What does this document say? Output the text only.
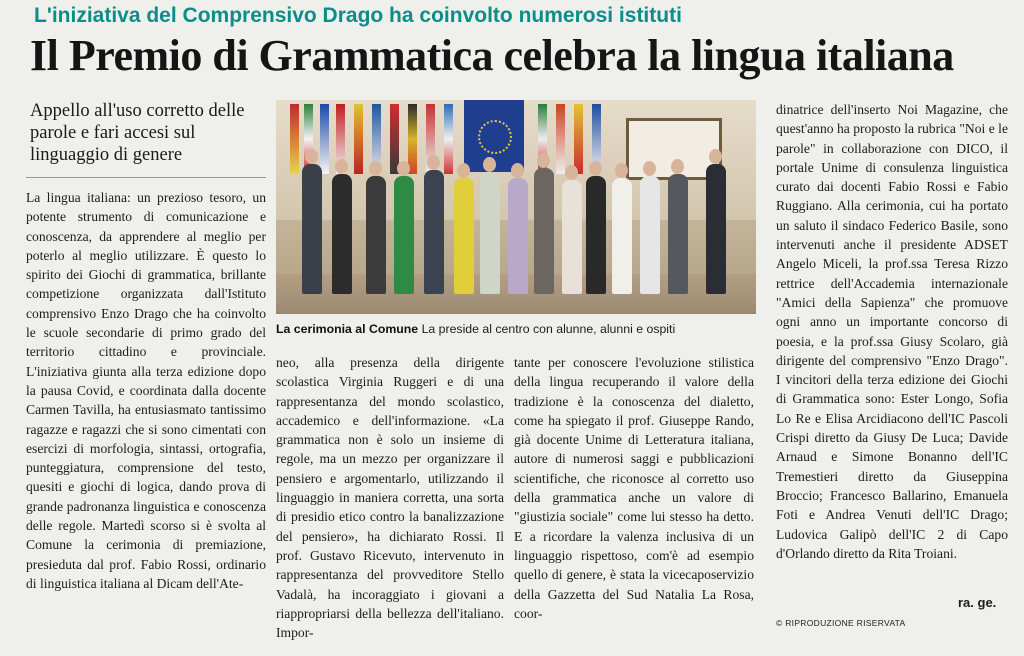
L'iniziativa del Comprensivo Drago ha coinvolto numerosi istituti
Il Premio di Grammatica celebra la lingua italiana
Appello all'uso corretto delle parole e fari accesi sul linguaggio di genere
La lingua italiana: un prezioso tesoro, un potente strumento di comunicazione e conoscenza, da apprendere al meglio per poterlo al meglio utilizzare. È questo lo spirito dei Giochi di grammatica, brillante competizione organizzata dall'Istituto comprensivo Enzo Drago che ha coinvolto le scuole secondarie di primo grado del territorio cittadino e provinciale. L'iniziativa giunta alla terza edizione dopo la pausa Covid, e coordinata dalla docente Carmen Tavilla, ha entusiasmato tantissimo ragazze e ragazzi che si sono cimentati con esercizi di morfologia, sintassi, ortografia, punteggiatura, comprensione del testo, quesiti e giochi di logica, dando prova di grande padronanza linguistica e conoscenza delle regole. Martedì scorso si è svolta al Comune la cerimonia di premiazione, presieduta dal prof. Fabio Rossi, ordinario di linguistica italiana al Dicam dell'Ate-
La cerimonia al Comune La preside al centro con alunne, alunni e ospiti
neo, alla presenza della dirigente scolastica Virginia Ruggeri e di una rappresentanza del mondo scolastico, accademico e dell'informazione. «La grammatica non è solo un insieme di regole, ma un mezzo per organizzare il pensiero e argomentarlo, utilizzando il linguaggio in maniera corretta, una sorta di presidio etico contro la banalizzazione del pensiero», ha dichiarato Rossi. Il prof. Gustavo Ricevuto, intervenuto in rappresentanza del provveditore Stello Vadalà, ha incoraggiato i giovani a riappropriarsi della bellezza dell'italiano. Impor-
tante per conoscere l'evoluzione stilistica della lingua recuperando il valore della tradizione è la conoscenza del dialetto, come ha spiegato il prof. Giuseppe Rando, già docente Unime di Letteratura italiana, autore di numerosi saggi e pubblicazioni scientifiche, che riconosce al corretto uso della grammatica anche un valore di "giustizia sociale" come lui stesso ha detto. E a ricordare la valenza inclusiva di un linguaggio rispettoso, com'è ad esempio quello di genere, è stata la vicecaposervizio della Gazzetta del Sud Natalia La Rosa, coor-
dinatrice dell'inserto Noi Magazine, che quest'anno ha proposto la rubrica "Noi e le parole" in collaborazione con DICO, il portale Unime di consulenza linguistica curato dai docenti Fabio Rossi e Fabio Ruggiano. Alla cerimonia, cui ha portato un saluto il sindaco Federico Basile, sono intervenuti anche il presidente ADSET Angelo Miceli, la prof.ssa Teresa Rizzo rettrice dell'Accademia internazionale "Amici della Sapienza" che promuove ogni anno un importante concorso di poesia, e la prof.ssa Giusy Scolaro, già dirigente del comprensivo "Enzo Drago". I vincitori della terza edizione dei Giochi di Grammatica sono: Ester Longo, Sofia Lo Re e Elisa Arcidiacono dell'IC Pascoli Crispi diretto da Giusy De Luca; Davide Arnaud e Simone Bonanno dell'IC Tremestieri diretto da Giuseppina Broccio; Francesco Ballarino, Emanuela Foti e Andrea Venuti dell'IC Drago; Ludovica Galipò dell'IC 2 di Capo d'Orlando diretto da Rita Troiani.
ra. ge.
© RIPRODUZIONE RISERVATA
